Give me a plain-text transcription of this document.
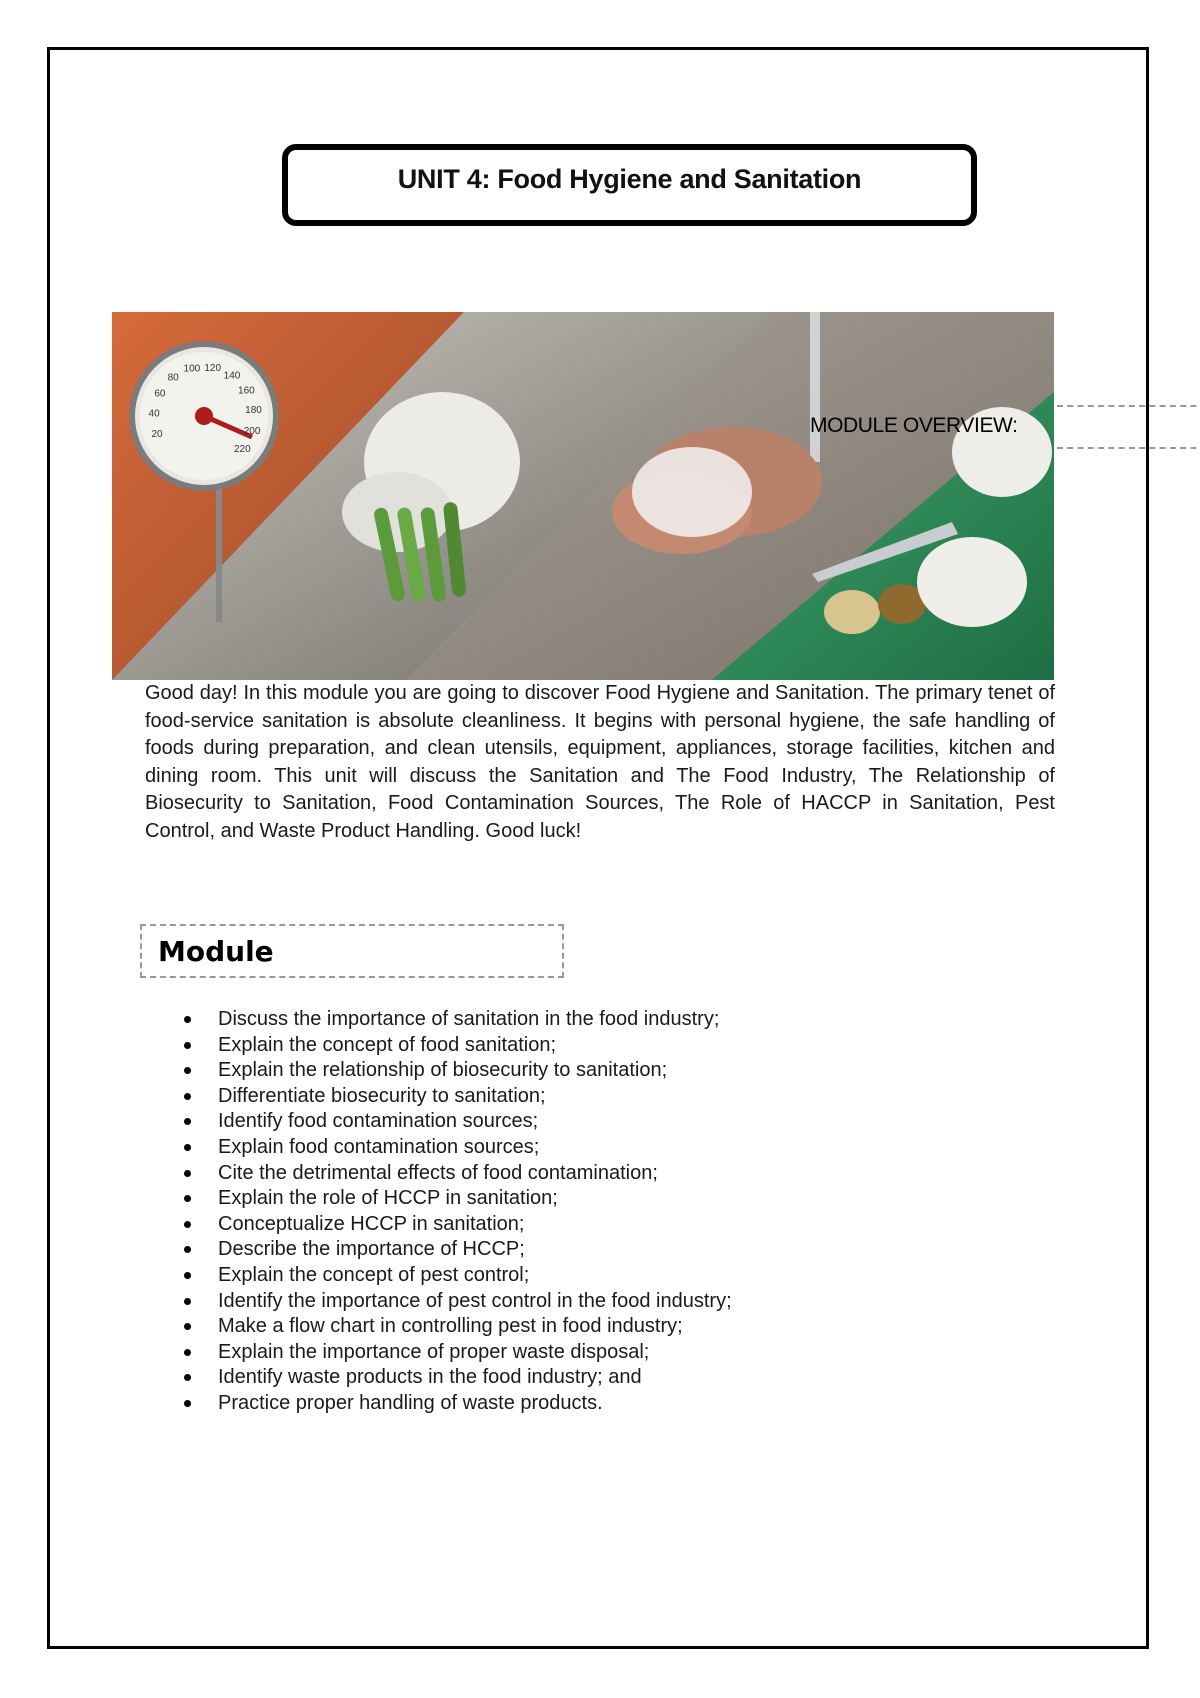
UNIT 4: Food Hygiene and Sanitation
20
40
60
80
100 120
140
160
180
200
220
MODULE OVERVIEW:
Good day! In this module you are going to discover Food Hygiene and Sanitation. The primary tenet of food-service sanitation is absolute cleanliness. It begins with personal hygiene, the safe handling of foods during preparation, and clean utensils, equipment, appliances, storage facilities, kitchen and dining room. This unit will discuss the Sanitation and The Food Industry, The Relationship of Biosecurity to Sanitation, Food Contamination Sources, The Role of HACCP in Sanitation, Pest Control, and Waste Product Handling. Good luck!
Module
Discuss the importance of sanitation in the food industry;
Explain the concept of food sanitation;
Explain the relationship of biosecurity to sanitation;
Differentiate biosecurity to sanitation;
Identify food contamination sources;
Explain food contamination sources;
Cite the detrimental effects of food contamination;
Explain the role of HCCP in sanitation;
Conceptualize HCCP in sanitation;
Describe the importance of HCCP;
Explain the concept of pest control;
Identify the importance of pest control in the food industry;
Make a flow chart in controlling pest in food industry;
Explain the importance of proper waste disposal;
Identify waste products in the food industry; and
Practice proper handling of waste products.
